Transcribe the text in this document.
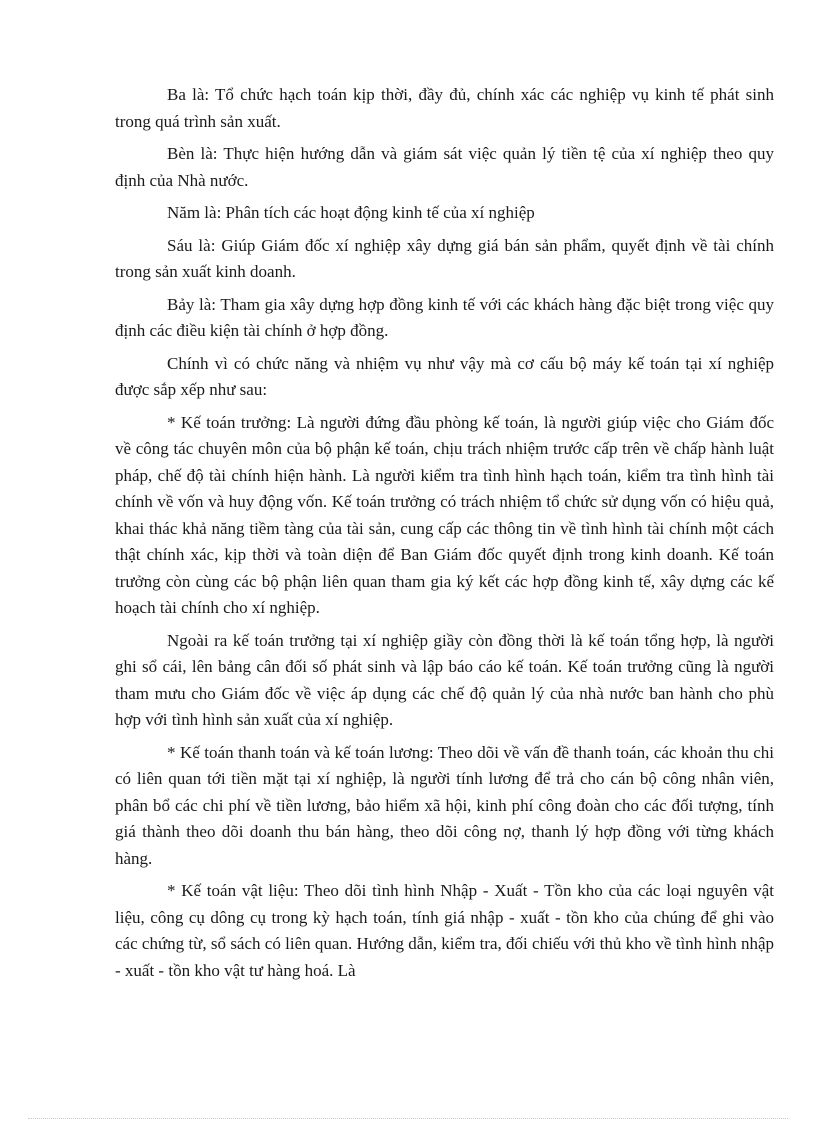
Ba là: Tổ chức hạch toán kịp thời, đầy đủ, chính xác các nghiệp vụ kinh tế phát sinh trong quá trình sản xuất.

Bèn là: Thực hiện hướng dẫn và giám sát việc quản lý tiền tệ của xí nghiệp theo quy định của Nhà nước.

Năm là: Phân tích các hoạt động kinh tế của xí nghiệp

Sáu là: Giúp Giám đốc xí nghiệp xây dựng giá bán sản phẩm, quyết định về tài chính trong sản xuất kinh doanh.

Bảy là: Tham gia xây dựng hợp đồng kinh tế với các khách hàng đặc biệt trong việc quy định các điều kiện tài chính ở hợp đồng.

Chính vì có chức năng và nhiệm vụ như vậy mà cơ cấu bộ máy kế toán tại xí nghiệp được sắp xếp như sau:

* Kế toán trưởng: Là người đứng đầu phòng kế toán, là người giúp việc cho Giám đốc về công tác chuyên môn của bộ phận kế toán, chịu trách nhiệm trước cấp trên về chấp hành luật pháp, chế độ tài chính hiện hành. Là người kiểm tra tình hình hạch toán, kiểm tra tình hình tài chính về vốn và huy động vốn. Kế toán trưởng có trách nhiệm tổ chức sử dụng vốn có hiệu quả, khai thác khả năng tiềm tàng của tài sản, cung cấp các thông tin về tình hình tài chính một cách thật chính xác, kịp thời và toàn diện để Ban Giám đốc quyết định trong kinh doanh. Kế toán trưởng còn cùng các bộ phận liên quan tham gia ký kết các hợp đồng kinh tế, xây dựng các kế hoạch tài chính cho xí nghiệp.

Ngoài ra kế toán trưởng tại xí nghiệp giầy còn đồng thời là kế toán tổng hợp, là người ghi sổ cái, lên bảng cân đối số phát sinh và lập báo cáo kế toán. Kế toán trưởng cũng là người tham mưu cho Giám đốc về việc áp dụng các chế độ quản lý của nhà nước ban hành cho phù hợp với tình hình sản xuất của xí nghiệp.

* Kế toán thanh toán và kế toán lương: Theo dõi về vấn đề thanh toán, các khoản thu chi có liên quan tới tiền mặt tại xí nghiệp, là người tính lương để trả cho cán bộ công nhân viên, phân bổ các chi phí về tiền lương, bảo hiểm xã hội, kinh phí công đoàn cho các đối tượng, tính giá thành theo dõi doanh thu bán hàng, theo dõi công nợ, thanh lý hợp đồng với từng khách hàng.

* Kế toán vật liệu: Theo dõi tình hình Nhập - Xuất - Tồn kho của các loại nguyên vật liệu, công cụ dông cụ trong kỳ hạch toán, tính giá nhập - xuất - tồn kho của chúng để ghi vào các chứng từ, sổ sách có liên quan. Hướng dẫn, kiểm tra, đối chiếu với thủ kho về tình hình nhập - xuất - tồn kho vật tư hàng hoá. Là
